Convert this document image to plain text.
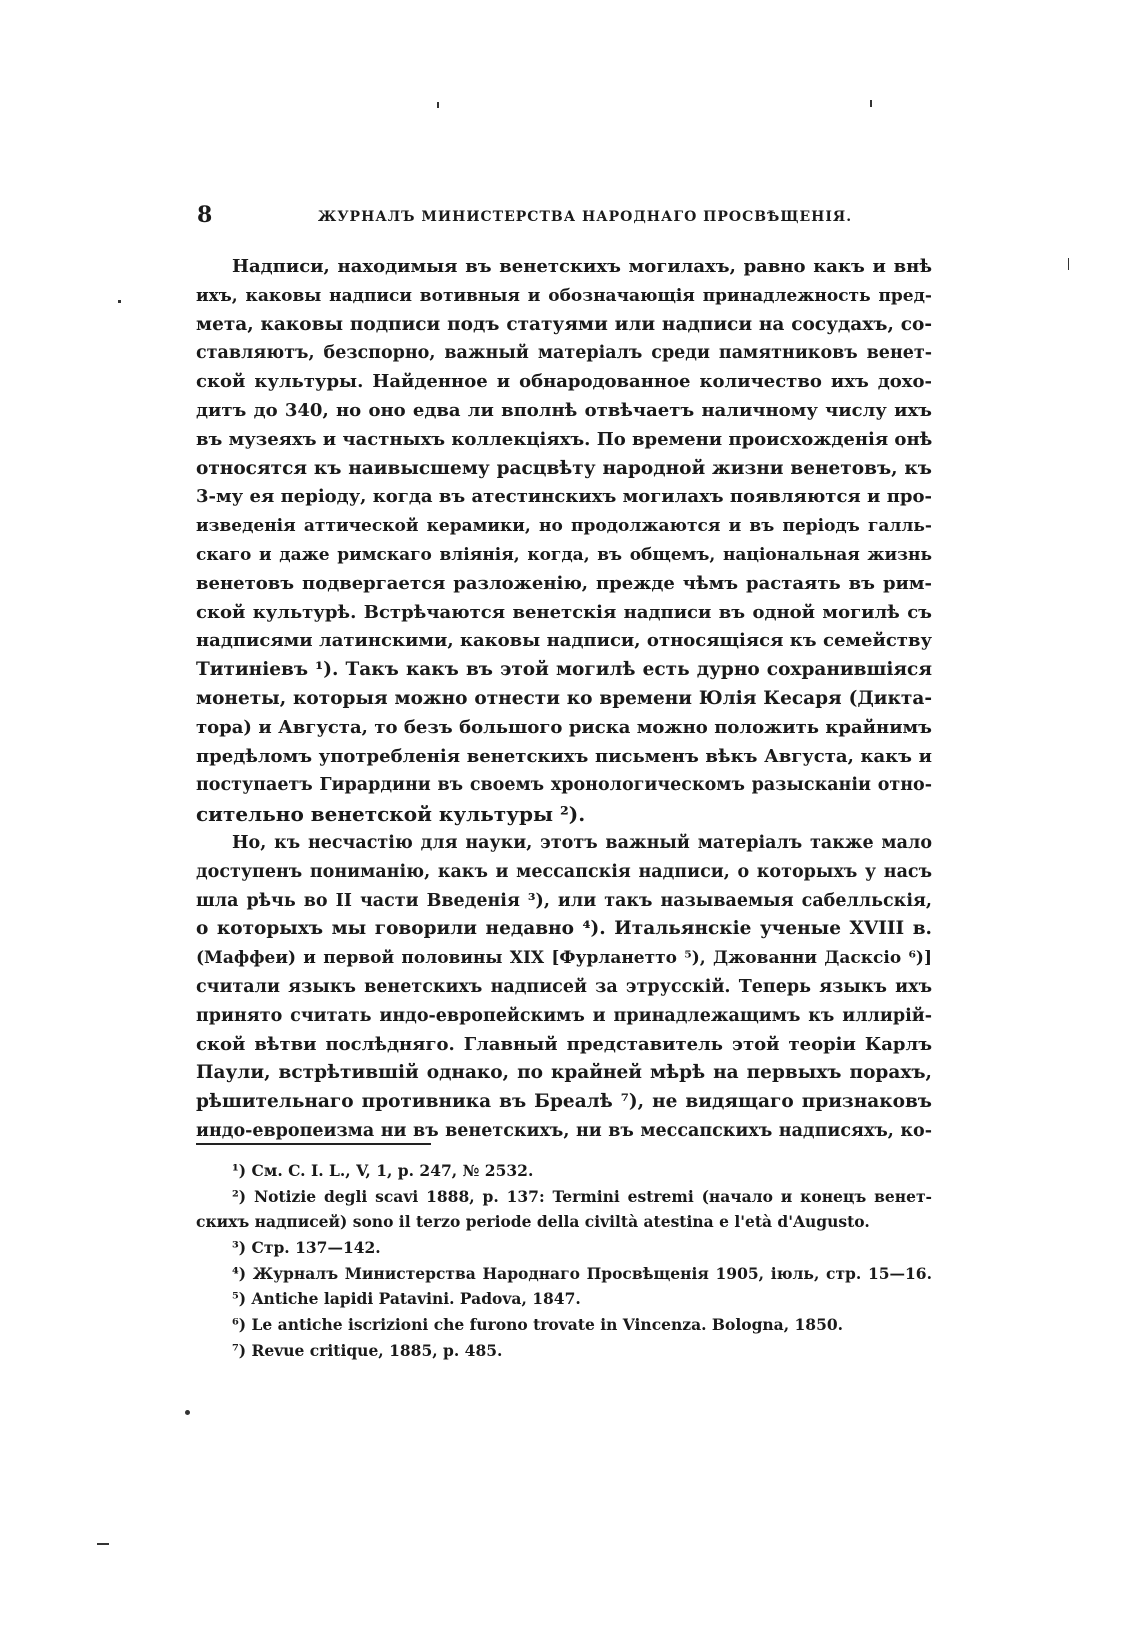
8	ЖУРНАЛЪ МИНИСТЕРСТВА НАРОДНАГО ПРОСВѢЩЕНІЯ.
Надписи, находимыя въ венетскихъ могилахъ, равно какъ и внѣ
ихъ, каковы надписи вотивныя и обозначающія принадлежность пред-
мета, каковы подписи подъ статуями или надписи на сосудахъ, со-
ставляютъ, безспорно, важный матеріалъ среди памятниковъ венет-
ской культуры. Найденное и обнародованное количество ихъ дохо-
дитъ до 340, но оно едва ли вполнѣ отвѣчаетъ наличному числу ихъ
въ музеяхъ и частныхъ коллекціяхъ. По времени происхожденія онѣ
относятся къ наивысшему расцвѣту народной жизни венетовъ, къ
3-му ея періоду, когда въ атестинскихъ могилахъ появляются и про-
изведенія аттической керамики, но продолжаются и въ періодъ галль-
скаго и даже римскаго вліянія, когда, въ общемъ, національная жизнь
венетовъ подвергается разложенію, прежде чѣмъ растаять въ рим-
ской культурѣ. Встрѣчаются венетскія надписи въ одной могилѣ съ
надписями латинскими, каковы надписи, относящіяся къ семейству
Титиніевъ ¹). Такъ какъ въ этой могилѣ есть дурно сохранившіяся
монеты, которыя можно отнести ко времени Юлія Кесаря (Дикта-
тора) и Августа, то безъ большого риска можно положить крайнимъ
предѣломъ употребленія венетскихъ письменъ вѣкъ Августа, какъ и
поступаетъ Гирардини въ своемъ хронологическомъ разысканіи отно-
сительно венетской культуры ²).
Но, къ несчастію для науки, этотъ важный матеріалъ также мало
доступенъ пониманію, какъ и мессапскія надписи, о которыхъ у насъ
шла рѣчь во II части Введенія ³), или такъ называемыя сабелльскія,
о которыхъ мы говорили недавно ⁴). Итальянскіе ученые XVIII в.
(Маффеи) и первой половины XIX [Фурланетто ⁵), Джованни Дасксіо ⁶)]
считали языкъ венетскихъ надписей за этрусскій. Теперь языкъ ихъ
принято считать индо-европейскимъ и принадлежащимъ къ иллирій-
ской вѣтви послѣдняго. Главный представитель этой теоріи Карлъ
Паули, встрѣтившій однако, по крайней мѣрѣ на первыхъ порахъ,
рѣшительнаго противника въ Бреалѣ ⁷), не видящаго признаковъ
индо-европеизма ни въ венетскихъ, ни въ мессапскихъ надписяхъ, ко-
¹) См. C. I. L., V, 1, p. 247, № 2532.
²) Notizie degli scavi 1888, p. 137: Termini estremi (начало и конецъ венет-
скихъ надписей) sono il terzo periode della civiltà atestina e l'età d'Augusto.
³) Стр. 137—142.
⁴) Журналъ Министерства Народнаго Просвѣщенія 1905, іюль, стр. 15—16.
⁵) Antiche lapidi Patavini. Padova, 1847.
⁶) Le antiche iscrizioni che furono trovate in Vincenza. Bologna, 1850.
⁷) Revue critique, 1885, p. 485.
